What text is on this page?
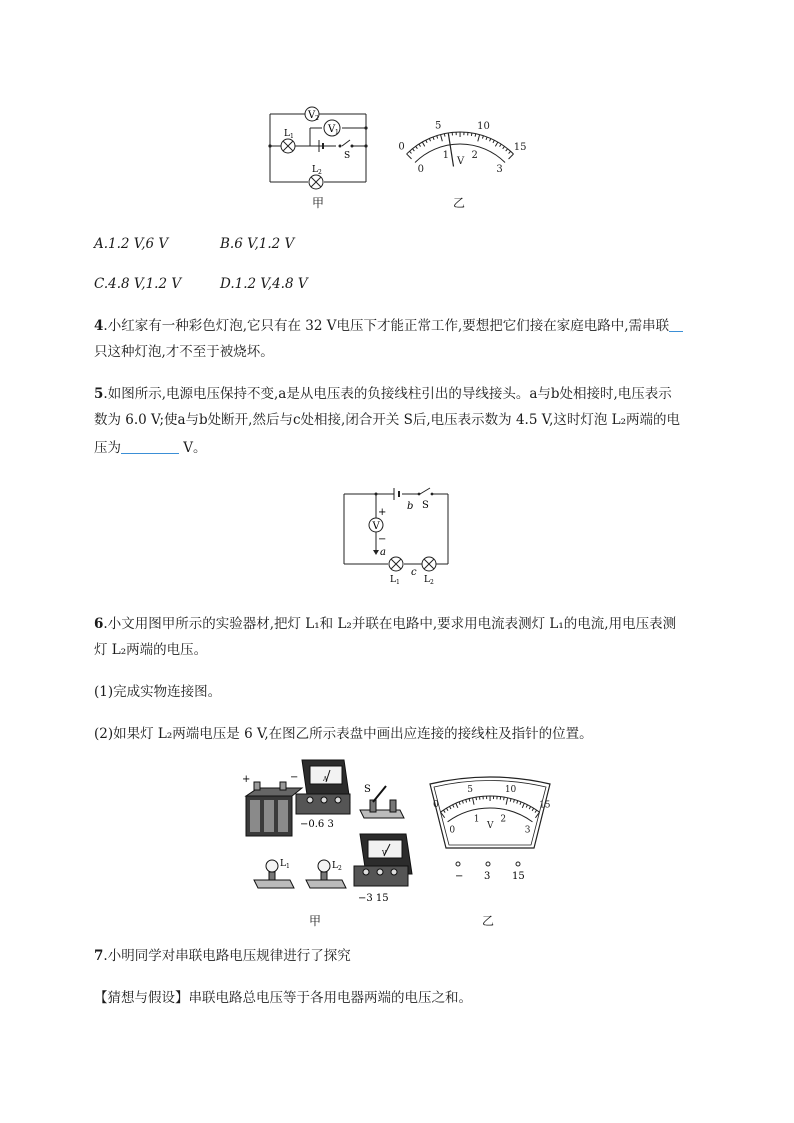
V 2
V 1
L 1
L 2
S
甲
0
5	10
15
0
1 2
3
V
乙
A.1.2 V,6 V	B.6 V,1.2 V
C.4.8 V,1.2 V	D.1.2 V,4.8 V
4.小红家有一种彩色灯泡,它只有在 32 V电压下才能正常工作,要想把它们接在家庭电路中,需串联
只这种灯泡,才不至于被烧坏。
5.如图所示,电源电压保持不变,a是从电压表的负接线柱引出的导线接头。a与b处相接时,电压表示
数为 6.0 V;使a与b处断开,然后与c处相接,闭合开关 S后,电压表示数为 4.5 V,这时灯泡 L₂两端的电
压为	V。
V
+
−
a
b S
c
L 1	L 2
6.小文用图甲所示的实验器材,把灯 L₁和 L₂并联在电路中,要求用电流表测灯 L₁的电流,用电压表测
灯 L₂两端的电压。
(1)完成实物连接图。
(2)如果灯 L₂两端电压是 6 V,在图乙所示表盘中画出应连接的接线柱及指针的位置。
+	−	A
−0.6 3
S
V
−3 15
L 1	L 2
甲
0
5	10
15
0
1 2
3
V
− 3 15
乙
7.小明同学对串联电路电压规律进行了探究
【猜想与假设】串联电路总电压等于各用电器两端的电压之和。
